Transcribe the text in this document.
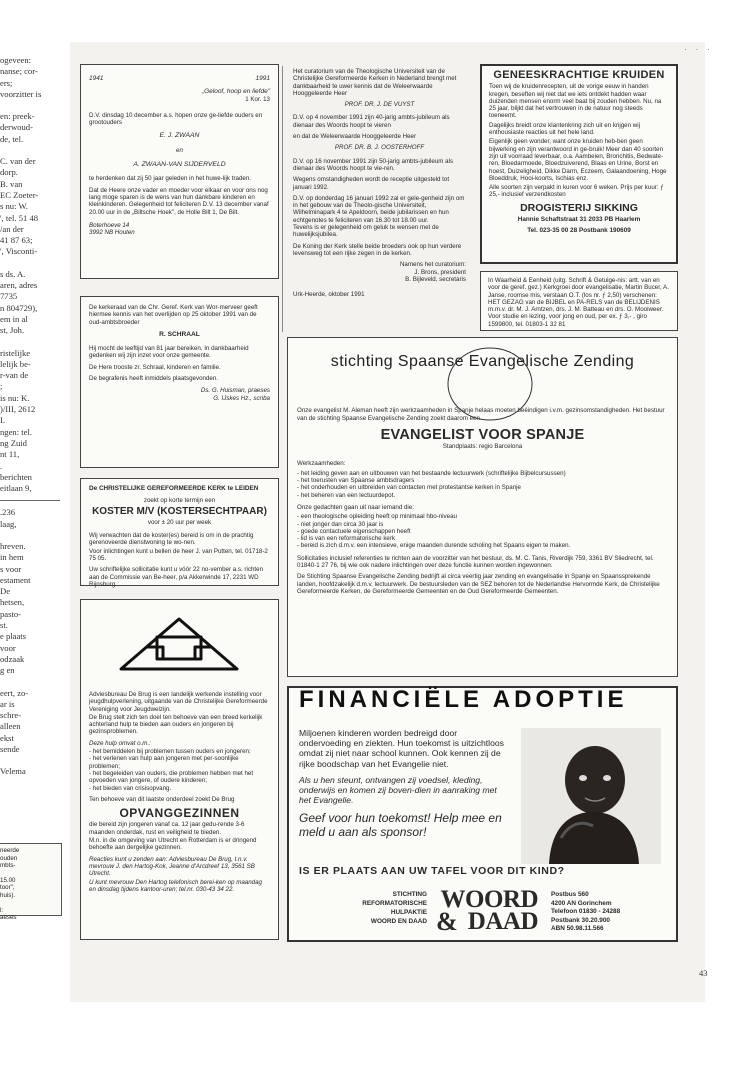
ogeveen:
nanse; cor-
ers;
voorzitter is
en: preek-
derwoud-
de, tel.
C. van der
dorp.
B. van
EC Zoeter-
s nu: W.
', tel. 51 48
/an der
41 87 63;
', Visconti-
s ds. A.
aren, adres
7735
n 804729),
em in al
st, Joh.
ristelijke
lelijk be-
r-van de
;
is nu: K.
)/III, 2612
I.
ngen: tel.
ng Zuid
nt 11,
.
berichten
eitlaan 9,
.236
laag,
hreven.
in hem
s voor
estament
De
hetsen,
pasto-
st.
e plaats
voor
odzaak
g en
eert, zo-
ar is
schre-
alleen
ekst
sende
Velema
neerde
ouden
mbts-
15.00
toor",
huis).
l:
aeses
1941	1991

„Geloof, hoop en liefde"

1 Kor. 13

D.V. dinsdag 10 december a.s. hopen onze ge-liefde ouders en grootouders

E. J. ZWAAN

en

A. ZWAAN-VAN SIJDERVELD

te herdenken dat zij 50 jaar geleden in het huwe-lijk traden.

Dat de Heere onze vader en moeder voor elkaar en voor ons nog lang moge sparen is de wens van hun dankbare kinderen en kleinkinderen. Gelegenheid tot feliciteren D.V. 13 december vanaf 20.00 uur in de „Biltsche Hoek", de Holle Bilt 1, De Bilt.

Boterhoeve 14

3992 NB Houten

De kerkeraad van de Chr. Geref. Kerk van Wor-merveer geeft hiermee kennis van het overlijden op 25 oktober 1991 van de oud-ambtsbroeder

R. SCHRAAL

Hij mocht de leeftijd van 81 jaar bereiken. In dankbaarheid gedenken wij zijn inzet voor onze gemeente.

De Here trooste zr. Schraal, kinderen en familie.

De begrafenis heeft inmiddels plaatsgevonden.

Ds. G. Huisman, praeses

G. IJskes Hz., scriba

De CHRISTELIJKE GEREFORMEERDE KERK te LEIDEN

zoekt op korte termijn een

KOSTER M/V (KOSTERSECHTPAAR)

voor ± 20 uur per week

Wij verwachten dat de koster(es) bereid is om in de prachtig gerenoveerde dienstwoning te wo-nen.

Voor inlichtingen kunt u bellen de heer J. van Putten, tel. 01718-2 75 05.

Uw schriftelijke sollicitatie kunt u vóór 22 no-vember a.s. richten aan de Commissie van Be-heer, p/a Akkerwinde 17, 2231 WD Rijnsburg.

Adviesbureau De Brug is een landelijk werkende instelling voor jeugdhulpverlening, uitgaande van de Christelijke Gereformeerde Vereniging voor Jeugdwelzijn.

De Brug stelt zich ten doel ten behoeve van een breed kerkelijk achterland hulp te bieden aan ouders en jongeren bij gezinsproblemen.

Deze hulp omvat o.m.:

- het bemiddelen bij problemen tussen ouders en jongeren;
- het verlenen van hulp aan jongeren met per-soonlijke problemen;
- het begeleiden van ouders, die problemen hebben met het opvoeden van jongere, of oudere kinderen;
- het bieden van crisisopvang.

Ten behoeve van dit laatste onderdeel zoekt De Brug

OPVANGGEZINNEN

die bereid zijn jongeren vanaf ca. 12 jaar gedu-rende 3-6 maanden onderdak, rust en veiligheid te bieden.

M.n. in de omgeving van Utrecht en Rotterdam is er dringend behoefte aan dergelijke gezinnen.

Reacties kunt u zenden aan: Adviesbureau De Brug, t.n.v. mevrouw J. den Hartog-Kok, Jeanne d'Arcdreef 13, 3561 SB Utrecht.

U kunt mevrouw Den Hartog telefonisch berei-ken op maandag en dinsdag tijdens kantoor-uren; tel.nr. 030-43 34 22.

Het curatorium van de Theologische Universiteit van de Christelijke Gereformeerde Kerken in Nederland brengt met dankbaarheid te uwer kennis dat de Weleerwaarde Hooggeleerde Heer

PROF. DR. J. DE VUYST

D.V. op 4 november 1991 zijn 40-jarig ambts-jubileum als dienaar des Woords hoopt te vieren

en dat de Weleerwaarde Hooggeleerde Heer

PROF. DR. B. J. OOSTERHOFF

D.V. op 16 november 1991 zijn 50-jarig ambts-jubileum als dienaar des Woords hoopt te vie-ren.

Wegens omstandigheden wordt de receptie uitgesteld tot januari 1992.

D.V. op donderdag 16 januari 1992 zal er gele-genheid zijn om in het gebouw van de Theolo-gische Universiteit, Wilhelminapark 4 te Apeldoorn, beide jubilarissen en hun echtgenotes te feliciteren van 16.30 tot 18.00 uur.

Tevens is er gelegenheid om geluk te wensen met de huwelijksjubilea.

De Koning der Kerk stelle beide broeders ook op hun verdere levensweg tot een rijke zegen in de kerken.

Namens het curatorium:

J. Brons, president

B. Bijleveld, secretaris

Urk-Heerde, oktober 1991

GENEESKRACHTIGE KRUIDEN

Toen wij de kruidenrecepten, uit de vorige eeuw in handen kregen, beseften wij niet dat we iets ontdekt hadden waar duizenden mensen enorm veel baat bij zouden hebben. Nu, na 25 jaar, blijkt dat het vertrouwen in de natuur nog steeds toeneemt.

Dagelijks breidt onze klantenkring zich uit en krijgen wij enthousiaste reacties uit het hele land.

Eigenlijk geen wonder, want onze kruiden heb-ben geen bijwerking en zijn verantwoord in ge-bruik! Meer dan 40 soorten zijn uit voorraad leverbaar, o.a. Aambeien, Bronchitis, Bedwate-ren, Bloedarmoede, Bloedzuiverend, Blaas en Urine, Borst en hoest, Duizeligheid, Dikke Darm, Eczeem, Galaandoening, Hoge Bloeddruk, Hooi-koorts, Ischias enz.

Alle soorten zijn verpakt in kuren voor 6 weken. Prijs per kuur: ƒ 25,- inclusief verzendkosten

DROGISTERIJ SIKKING

Hannie Schaftstraat 31 2033 PB Haarlem

Tel. 023-35 00 28 Postbank 190609

In Waarheid & Eenheid (uitg. Schrift & Getuige-nis: artt. van en voor de geref. gez.) Kerkgroei door evangelisatie, Martin Bucer, A. Janse, roomse mis, verstaan O.T. (los nr. ƒ 2,50) verschenen: HET GEZAG van de BIJBEL en PA-RELS van de BELIJDENIS m.m.v. dr. M. J. Arntzen, drs. J. M. Batteau en drs. O. Mooiweer. Voor studie en lezing, voor jong en oud, per ex. ƒ 3,- , giro 1599800, tel. 01803-1 32 81

stichting Spaanse Evangelische Zending

Onze evangelist M. Aleman heeft zijn werkzaamheden in Spanje helaas moeten beëindigen i.v.m. gezinsomstandigheden. Het bestuur van de stichting Spaanse Evangelische Zending zoekt daarom een

EVANGELIST VOOR SPANJE

Standplaats: regio Barcelona

Werkzaamheden:

- het leiding geven aan en uitbouwen van het bestaande lectuurwerk (schriftelijke Bijbelcursussen)
- het toerusten van Spaanse ambtsdragers
- het onderhouden en uitbreiden van contacten met protestantse kerken in Spanje
- het beheren van een lectuurdepot.

Onze gedachten gaan uit naar iemand die:

- een theologische opleiding heeft op minimaal hbo-niveau
- niet jonger dan circa 30 jaar is
- goede contactuele eigenschappen heeft
- lid is van een reformatorische kerk
- bereid is zich d.m.v. een intensieve, enige maanden durende scholing het Spaans eigen te maken.

Sollicitaties inclusief referenties te richten aan de voorzitter van het bestuur, ds. M. C. Tanis, Riverdijk 759, 3361 BV Sliedrecht, tel. 01840-1 27 76, bij wie ook nadere inlichtingen over deze functie kunnen worden ingewonnen.

De Stichting Spaanse Evangelische Zending bedrijft al circa veertig jaar zending en evangelisatie in Spanje en Spaanssprekende landen, hoofdzakelijk d.m.v. lectuurwerk. De bestuursleden van de SEZ behoren tot de Nederlandse Hervormde Kerk, de Christelijke Gereformeerde Kerken, de Gereformeerde Gemeenten en de Oud Gereformeerde Gemeenten.

FINANCIËLE ADOPTIE

Miljoenen kinderen worden bedreigd door ondervoeding en ziekten. Hun toekomst is uitzichtloos omdat zij niet naar school kunnen. Ook kennen zij de rijke boodschap van het Evangelie niet.

Als u hen steunt, ontvangen zij voedsel, kleding, onderwijs en komen zij boven-dien in aanraking met het Evangelie.

Geef voor hun toekomst! Help mee en meld u aan als sponsor!

IS ER PLAATS AAN UW TAFEL VOOR DIT KIND?

STICHTING
REFORMATORISCHE
HULPAKTIE
WOORD EN DAAD
WOORD
& DAAD
Postbus 560
4200 AN Gorinchem
Telefoon 01830 - 24288
Postbank 30.20.900
ABN 50.98.11.566
· · ·
43
